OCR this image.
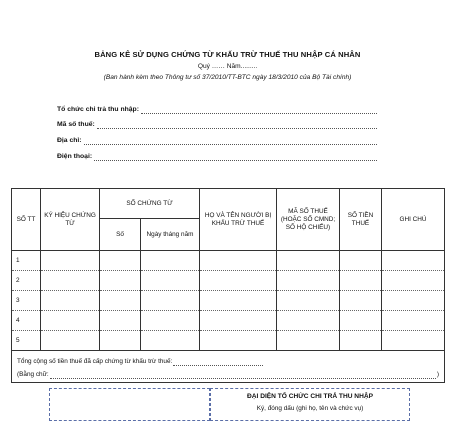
BẢNG KÊ SỬ DỤNG CHỨNG TỪ KHẤU TRỪ THUẾ THU NHẬP CÁ NHÂN
Quý …… Năm.........
(Ban hành kèm theo Thông tư số 37/2010/TT-BTC ngày 18/3/2010 của Bộ Tài chính)
Tổ chức chi trả thu nhập:
Mã số thuế:
Địa chỉ:
Điện thoại:
SỐ TT	KÝ HIỆU CHỨNG TỪ	SỐ CHỨNG TỪ		HỌ VÀ TÊN NGƯỜI BỊ KHẤU TRỪ THUẾ	MÃ SỐ THUẾ (HOẶC SỐ CMND; SỐ HỘ CHIẾU)	SỐ TIỀN THUẾ	GHI CHÚ
		Số	Ngày tháng năm				
1							
2							
3							
4							
5							

Tổng cộng số tiền thuế đã cấp chứng từ khấu trừ thuế:
(Bằng chữ: )							
ĐẠI DIỆN TỔ CHỨC CHI TRẢ THU NHẬP
Ký, đóng dấu (ghi họ, tên và chức vụ)
